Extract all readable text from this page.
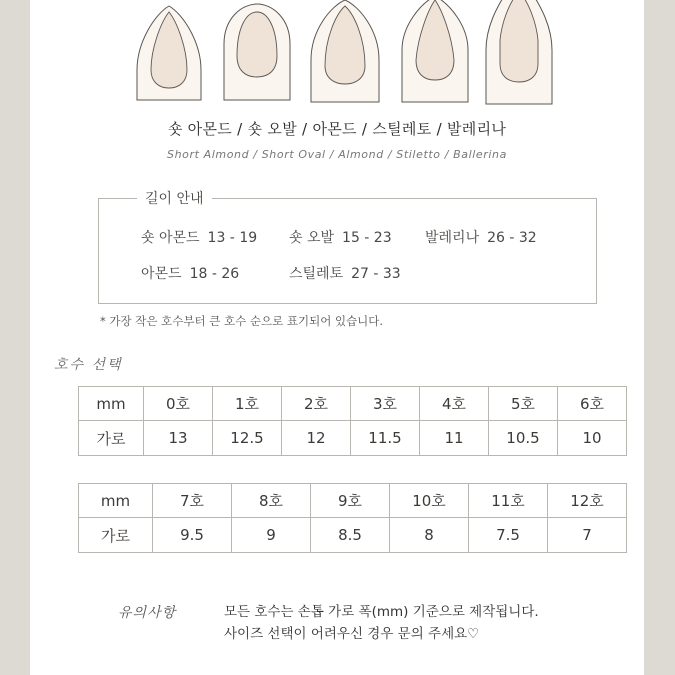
숏 아몬드 / 숏 오발 / 아몬드 / 스틸레토 / 발레리나
Short Almond / Short Oval / Almond / Stiletto / Ballerina
길이 안내
숏 아몬드 13 - 19 숏 오발 15 - 23 발레리나 26 - 32
아몬드 18 - 26	스틸레토 27 - 33
* 가장 작은 호수부터 큰 호수 순으로 표기되어 있습니다.
호수 선택
mm	0호	1호	2호	3호	4호	5호	6호
가로	13	12.5	12	11.5	11	10.5	10
mm	7호	8호	9호	10호	11호	12호
가로	9.5	9	8.5	8	7.5	7
유의사항	모든 호수는 손톱 가로 폭(mm) 기준으로 제작됩니다.
사이즈 선택이 어려우신 경우 문의 주세요♡
